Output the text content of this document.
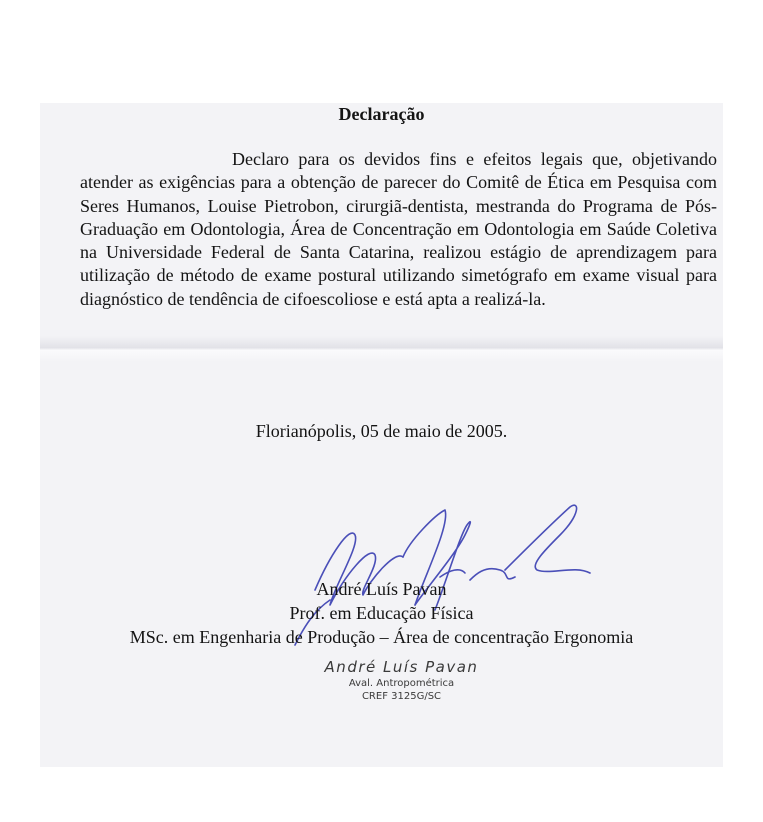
Declaração

Declaro para os devidos fins e efeitos legais que, objetivando atender as exigências para a obtenção de parecer do Comitê de Ética em Pesquisa com Seres Humanos, Louise Pietrobon, cirurgiã-dentista, mestranda do Programa de Pós-Graduação em Odontologia, Área de Concentração em Odontologia em Saúde Coletiva na Universidade Federal de Santa Catarina, realizou estágio de aprendizagem para utilização de método de exame postural utilizando simetógrafo em exame visual para diagnóstico de tendência de cifoescoliose e está apta a realizá-la.

Florianópolis, 05 de maio de 2005.
André Luís Pavan
Prof. em Educação Física
MSc. em Engenharia de Produção – Área de concentração Ergonomia
André Luís Pavan
Aval. Antropométrica
CREF 3125G/SC
